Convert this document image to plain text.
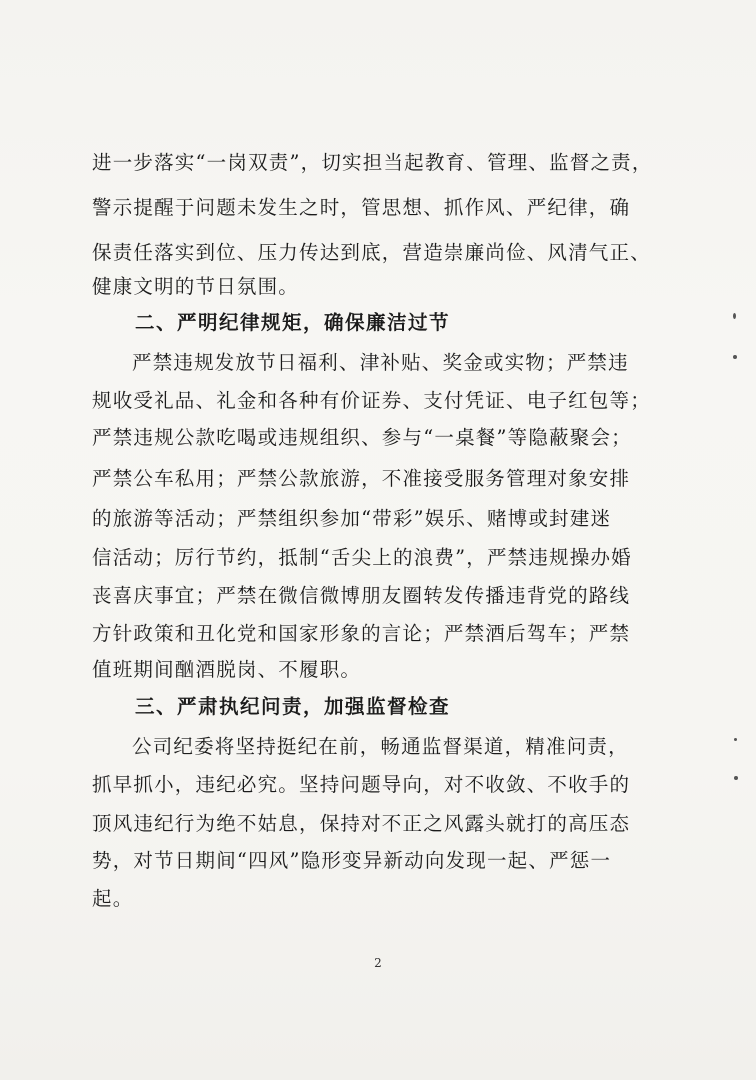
进一步落实“一岗双责”，切实担当起教育、管理、监督之责，
警示提醒于问题未发生之时，管思想、抓作风、严纪律，确
保责任落实到位、压力传达到底，营造崇廉尚俭、风清气正、
健康文明的节日氛围。
二、严明纪律规矩，确保廉洁过节
严禁违规发放节日福利、津补贴、奖金或实物；严禁违
规收受礼品、礼金和各种有价证券、支付凭证、电子红包等；
严禁违规公款吃喝或违规组织、参与“一桌餐”等隐蔽聚会；
严禁公车私用；严禁公款旅游，不准接受服务管理对象安排
的旅游等活动；严禁组织参加“带彩”娱乐、赌博或封建迷
信活动；厉行节约，抵制“舌尖上的浪费”，严禁违规操办婚
丧喜庆事宜；严禁在微信微博朋友圈转发传播违背党的路线
方针政策和丑化党和国家形象的言论；严禁酒后驾车；严禁
值班期间酗酒脱岗、不履职。
三、严肃执纪问责，加强监督检查
公司纪委将坚持挺纪在前，畅通监督渠道，精准问责，
抓早抓小，违纪必究。坚持问题导向，对不收敛、不收手的
顶风违纪行为绝不姑息，保持对不正之风露头就打的高压态
势，对节日期间“四风”隐形变异新动向发现一起、严惩一
起。
2
